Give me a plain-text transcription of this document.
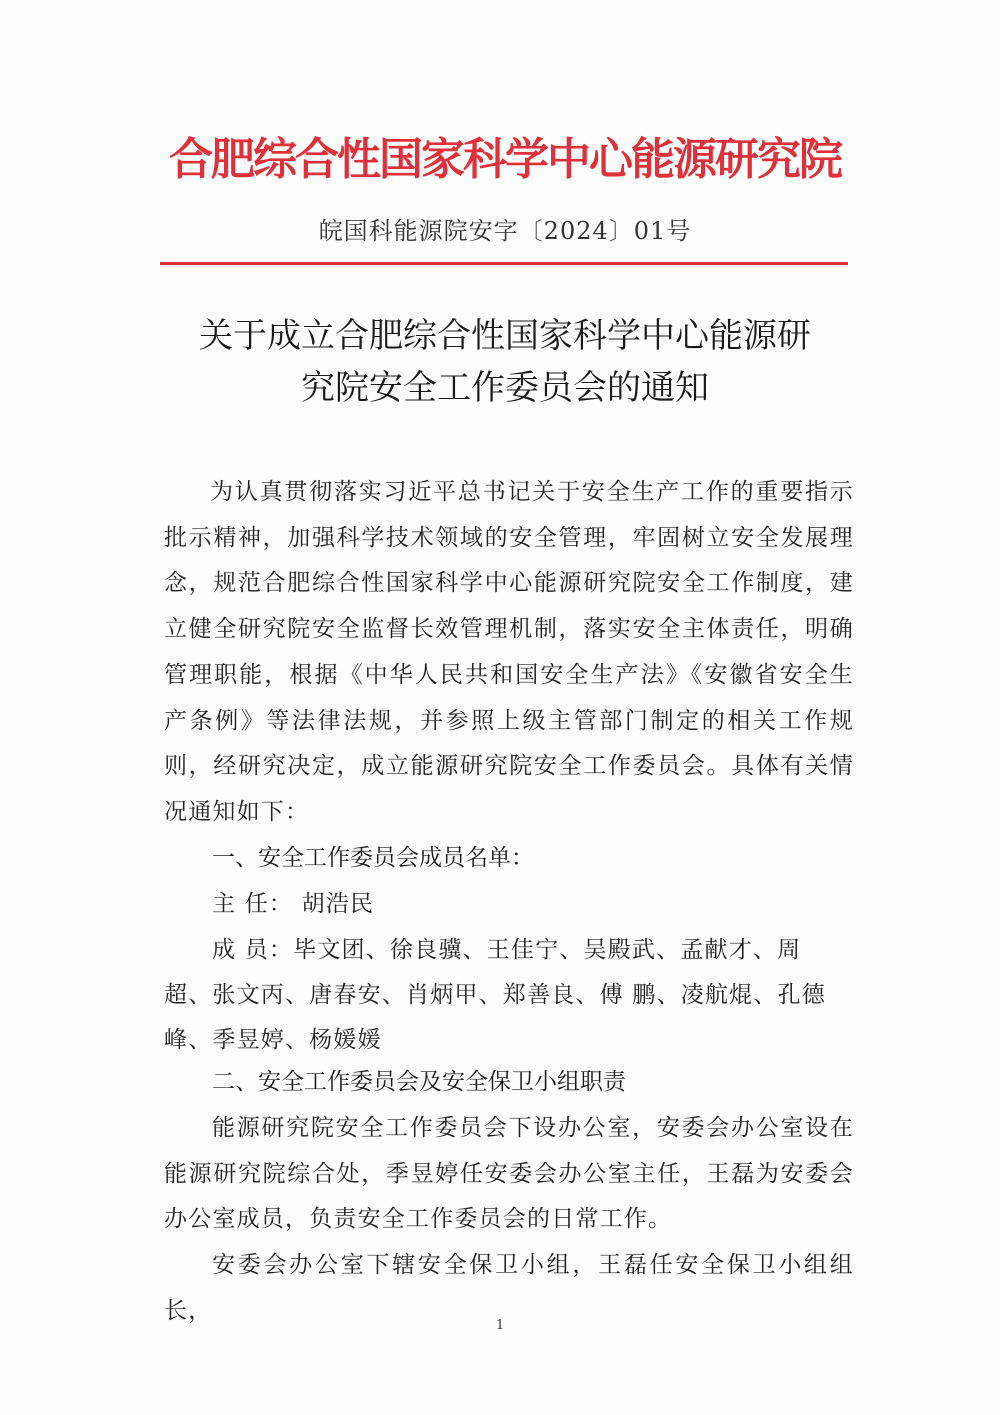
合肥综合性国家科学中心能源研究院
皖国科能源院安字〔2024〕01号
关于成立合肥综合性国家科学中心能源研
究院安全工作委员会的通知
为认真贯彻落实习近平总书记关于安全生产工作的重要指示批示精神，加强科学技术领域的安全管理，牢固树立安全发展理念，规范合肥综合性国家科学中心能源研究院安全工作制度，建立健全研究院安全监督长效管理机制，落实安全主体责任，明确管理职能，根据《中华人民共和国安全生产法》《安徽省安全生产条例》等法律法规，并参照上级主管部门制定的相关工作规则，经研究决定，成立能源研究院安全工作委员会。具体有关情况通知如下：
一、安全工作委员会成员名单：
主 任： 胡浩民
成 员：毕文团、徐良骥、王佳宁、吴殿武、孟献才、周 超、张文丙、唐春安、肖炳甲、郑善良、傅 鹏、凌航焜、孔德峰、季昱婷、杨媛媛
二、安全工作委员会及安全保卫小组职责
能源研究院安全工作委员会下设办公室，安委会办公室设在能源研究院综合处，季昱婷任安委会办公室主任，王磊为安委会办公室成员，负责安全工作委员会的日常工作。
安委会办公室下辖安全保卫小组，王磊任安全保卫小组组长，
1
